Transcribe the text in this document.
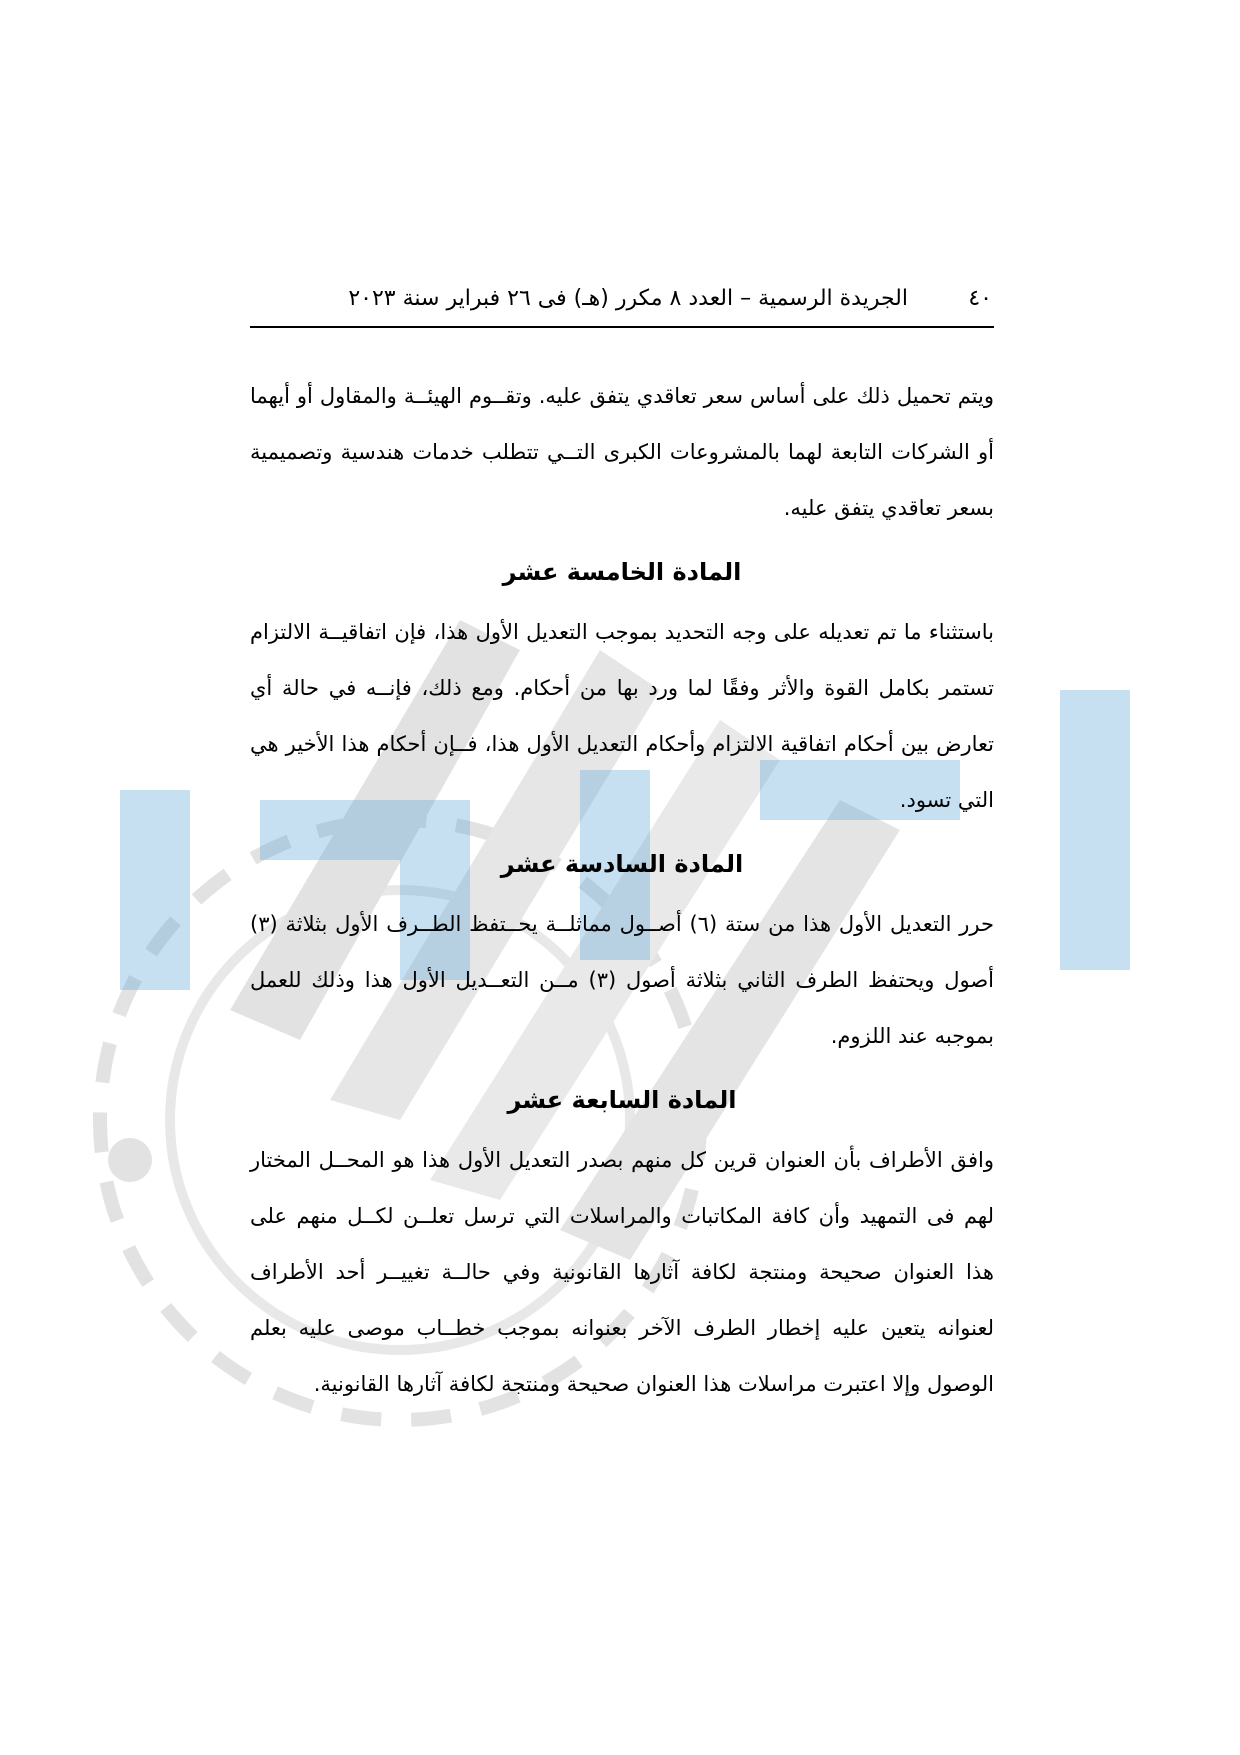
٤٠
الجريدة الرسمية – العدد ٨ مكرر (هـ) فى ٢٦ فبراير سنة ٢٠٢٣

ويتم تحميل ذلك على أساس سعر تعاقدي يتفق عليه. وتقــوم الهيئــة والمقاول أو أيهما أو الشركات التابعة لهما بالمشروعات الكبرى التــي تتطلب خدمات هندسية وتصميمية بسعر تعاقدي يتفق عليه.

المادة الخامسة عشر

باستثناء ما تم تعديله على وجه التحديد بموجب التعديل الأول هذا، فإن اتفاقيــة الالتزام تستمر بكامل القوة والأثر وفقًا لما ورد بها من أحكام. ومع ذلك، فإنــه في حالة أي تعارض بين أحكام اتفاقية الالتزام وأحكام التعديل الأول هذا، فــإن أحكام هذا الأخير هي التي تسود.

المادة السادسة عشر

حرر التعديل الأول هذا من ستة (٦) أصــول مماثلــة يحــتفظ الطــرف الأول بثلاثة (٣) أصول ويحتفظ الطرف الثاني بثلاثة أصول (٣) مــن التعــديل الأول هذا وذلك للعمل بموجبه عند اللزوم.

المادة السابعة عشر

وافق الأطراف بأن العنوان قرين كل منهم بصدر التعديل الأول هذا هو المحــل المختار لهم فى التمهيد وأن كافة المكاتبات والمراسلات التي ترسل تعلــن لكــل منهم على هذا العنوان صحيحة ومنتجة لكافة آثارها القانونية وفي حالــة تغييــر أحد الأطراف لعنوانه يتعين عليه إخطار الطرف الآخر بعنوانه بموجب خطــاب موصى عليه بعلم الوصول وإلا اعتبرت مراسلات هذا العنوان صحيحة ومنتجة لكافة آثارها القانونية.
